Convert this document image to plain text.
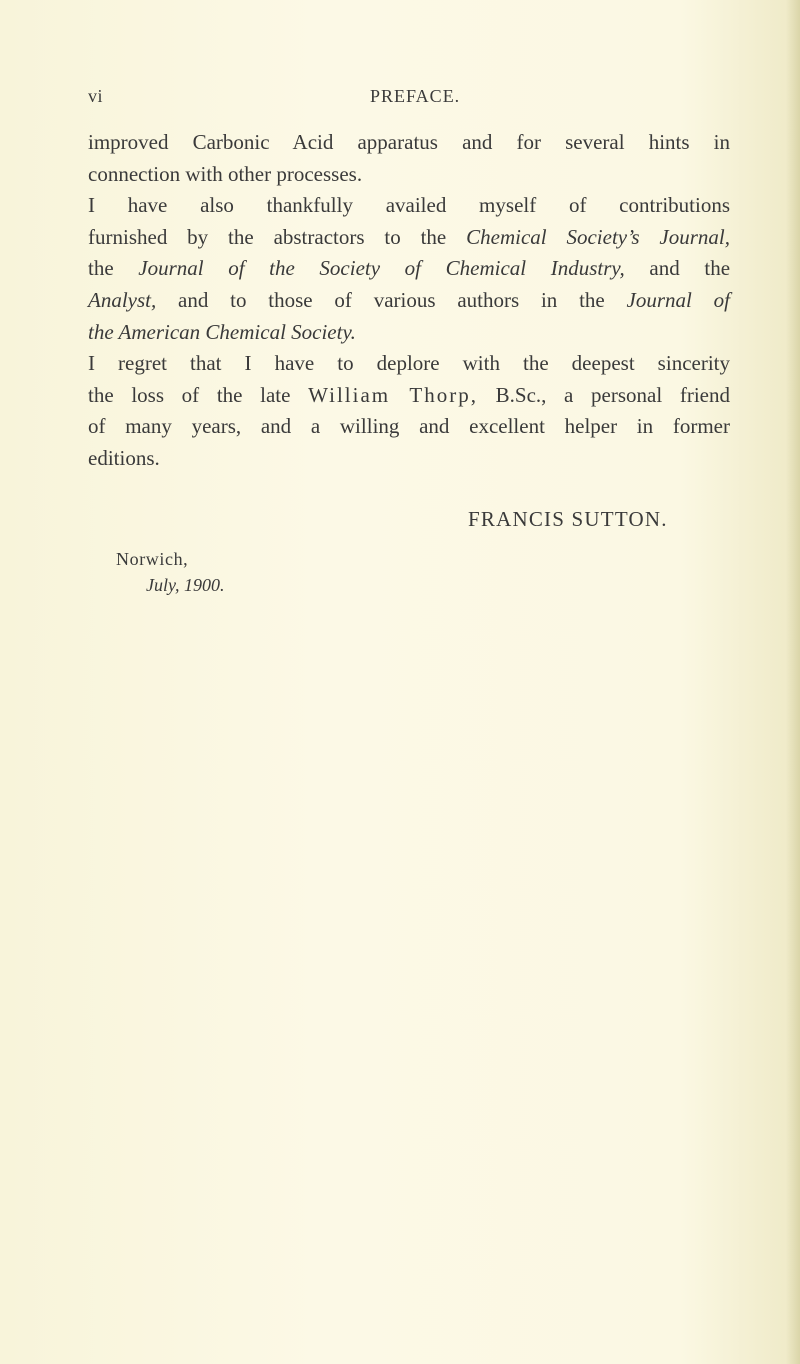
vi	PREFACE.

improved Carbonic Acid apparatus and for several hints in
connection with other processes.

I have also thankfully availed myself of contributions
furnished by the abstractors to the Chemical Society’s Journal,
the Journal of the Society of Chemical Industry, and the
Analyst, and to those of various authors in the Journal of
the American Chemical Society.

I regret that I have to deplore with the deepest sincerity
the loss of the late William Thorp, B.Sc., a personal friend
of many years, and a willing and excellent helper in former
editions.

FRANCIS SUTTON.
Norwich,
July, 1900.
